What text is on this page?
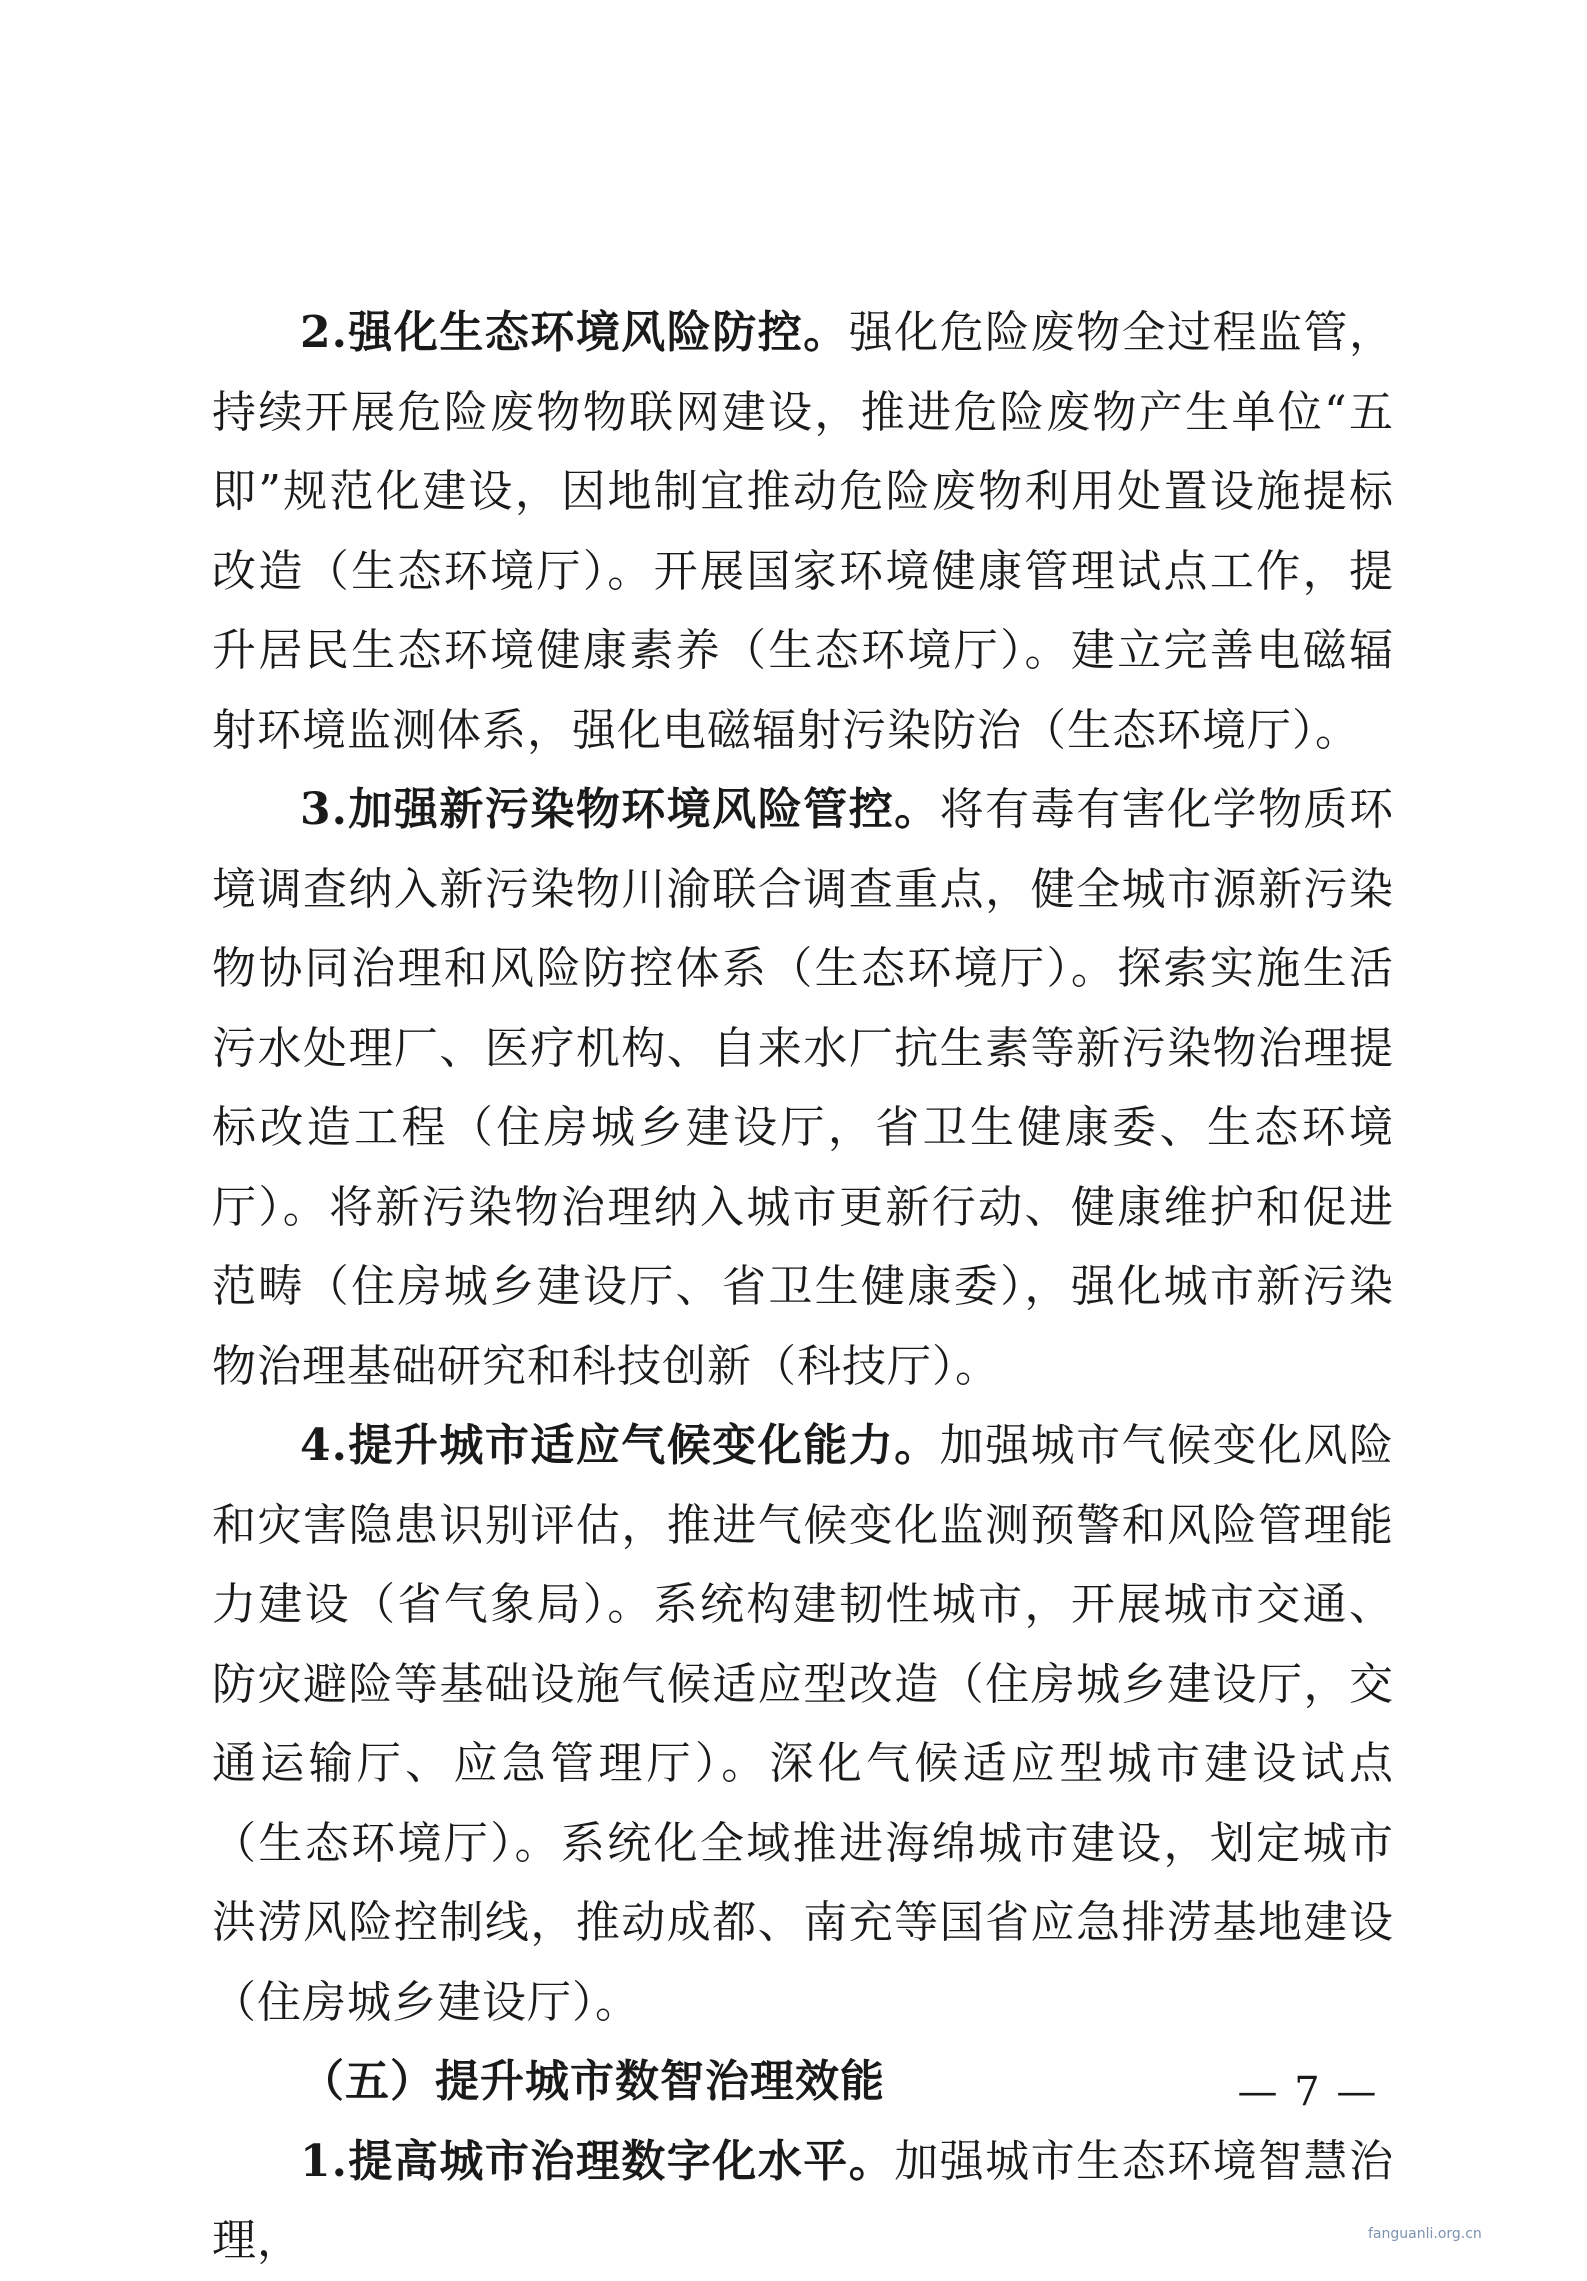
2.强化生态环境风险防控。强化危险废物全过程监管，持续开展危险废物物联网建设，推进危险废物产生单位“五即”规范化建设，因地制宜推动危险废物利用处置设施提标改造（生态环境厅）。开展国家环境健康管理试点工作，提升居民生态环境健康素养（生态环境厅）。建立完善电磁辐射环境监测体系，强化电磁辐射污染防治（生态环境厅）。

3.加强新污染物环境风险管控。将有毒有害化学物质环境调查纳入新污染物川渝联合调查重点，健全城市源新污染物协同治理和风险防控体系（生态环境厅）。探索实施生活污水处理厂、医疗机构、自来水厂抗生素等新污染物治理提标改造工程（住房城乡建设厅，省卫生健康委、生态环境厅）。将新污染物治理纳入城市更新行动、健康维护和促进范畴（住房城乡建设厅、省卫生健康委），强化城市新污染物治理基础研究和科技创新（科技厅）。

4.提升城市适应气候变化能力。加强城市气候变化风险和灾害隐患识别评估，推进气候变化监测预警和风险管理能力建设（省气象局）。系统构建韧性城市，开展城市交通、防灾避险等基础设施气候适应型改造（住房城乡建设厅，交通运输厅、应急管理厅）。深化气候适应型城市建设试点（生态环境厅）。系统化全域推进海绵城市建设，划定城市洪涝风险控制线，推动成都、南充等国省应急排涝基地建设（住房城乡建设厅）。

（五）提升城市数智治理效能

1.提高城市治理数字化水平。加强城市生态环境智慧治理，

— 7 —
fanguanli.org.cn
